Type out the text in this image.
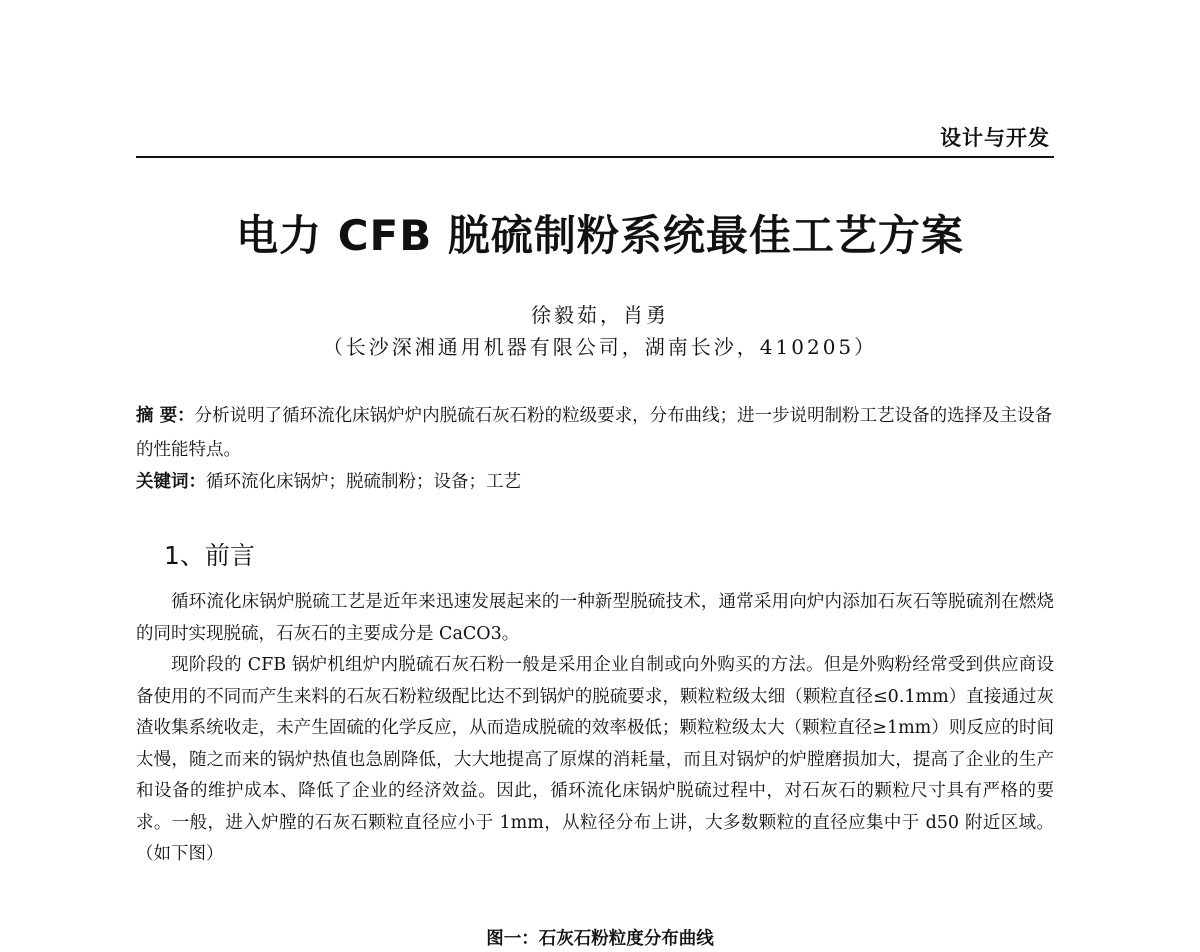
设计与开发
电力 CFB 脱硫制粉系统最佳工艺方案
徐毅茹，肖勇
（长沙深湘通用机器有限公司，湖南长沙，410205）
摘 要：分析说明了循环流化床锅炉炉内脱硫石灰石粉的粒级要求，分布曲线；进一步说明制粉工艺设备的选择及主设备的性能特点。
关键词：循环流化床锅炉；脱硫制粉；设备；工艺
1、前言

循环流化床锅炉脱硫工艺是近年来迅速发展起来的一种新型脱硫技术，通常采用向炉内添加石灰石等脱硫剂在燃烧的同时实现脱硫，石灰石的主要成分是 CaCO3。

现阶段的 CFB 锅炉机组炉内脱硫石灰石粉一般是采用企业自制或向外购买的方法。但是外购粉经常受到供应商设备使用的不同而产生来料的石灰石粉粒级配比达不到锅炉的脱硫要求，颗粒粒级太细（颗粒直径≤0.1mm）直接通过灰渣收集系统收走，未产生固硫的化学反应，从而造成脱硫的效率极低；颗粒粒级太大（颗粒直径≥1mm）则反应的时间太慢，随之而来的锅炉热值也急剧降低，大大地提高了原煤的消耗量，而且对锅炉的炉膛磨损加大，提高了企业的生产和设备的维护成本、降低了企业的经济效益。因此，循环流化床锅炉脱硫过程中，对石灰石的颗粒尺寸具有严格的要求。一般，进入炉膛的石灰石颗粒直径应小于 1mm，从粒径分布上讲，大多数颗粒的直径应集中于 d50 附近区域。（如下图）

图一：石灰石粉粒度分布曲线
